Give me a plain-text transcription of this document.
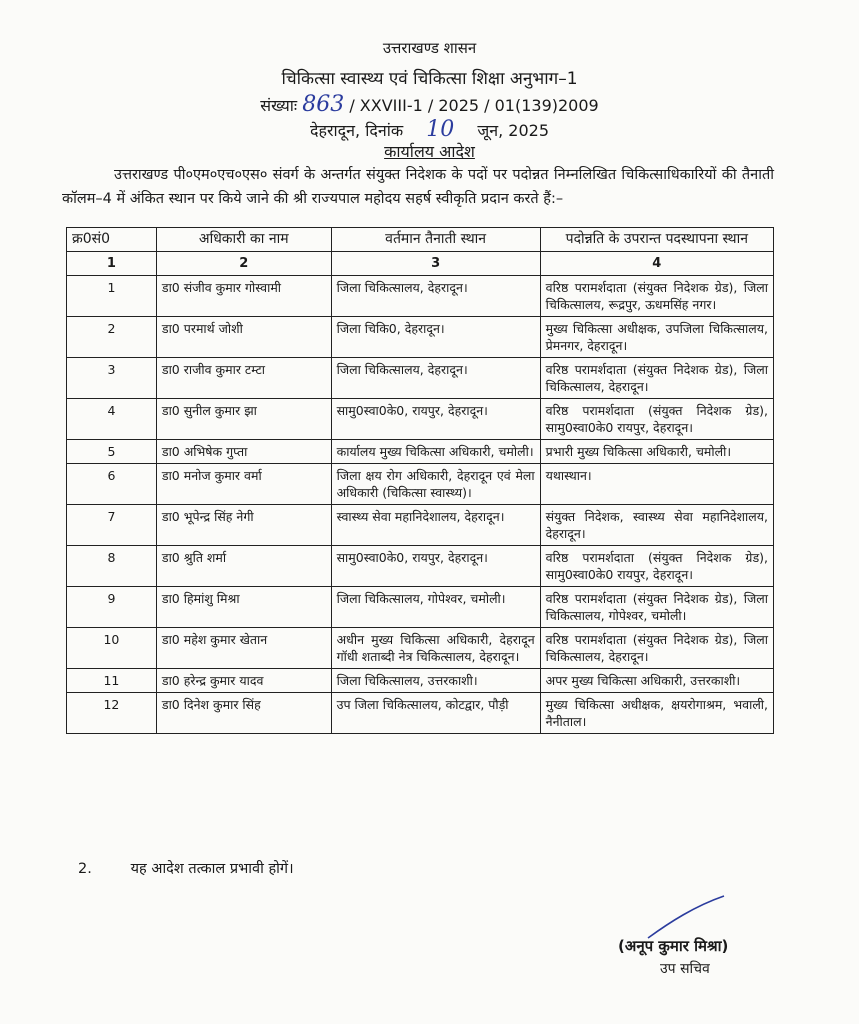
उत्तराखण्ड शासन
चिकित्सा स्वास्थ्य एवं चिकित्सा शिक्षा अनुभाग–1
संख्याः 863 / XXVIII-1 / 2025 / 01(139)2009
देहरादून, दिनांक 10 जून, 2025
कार्यालय आदेश
उत्तराखण्ड पी०एम०एच०एस० संवर्ग के अन्तर्गत संयुक्त निदेशक के पदों पर पदोन्नत निम्नलिखित चिकित्साधिकारियों की तैनाती कॉलम–4 में अंकित स्थान पर किये जाने की श्री राज्यपाल महोदय सहर्ष स्वीकृति प्रदान करते हैं:–
क्र0सं0	अधिकारी का नाम	वर्तमान तैनाती स्थान	पदोन्नति के उपरान्त पदस्थापना स्थान
1	2	3	4
1	डा0 संजीव कुमार गोस्वामी	जिला चिकित्सालय, देहरादून।	वरिष्ठ परामर्शदाता (संयुक्त निदेशक ग्रेड), जिला चिकित्सालय, रूद्रपुर, ऊधमसिंह नगर।
2	डा0 परमार्थ जोशी	जिला चिकि0, देहरादून।	मुख्य चिकित्सा अधीक्षक, उपजिला चिकित्सालय, प्रेमनगर, देहरादून।
3	डा0 राजीव कुमार टम्टा	जिला चिकित्सालय, देहरादून।	वरिष्ठ परामर्शदाता (संयुक्त निदेशक ग्रेड), जिला चिकित्सालय, देहरादून।
4	डा0 सुनील कुमार झा	सामु0स्वा0के0, रायपुर, देहरादून।	वरिष्ठ परामर्शदाता (संयुक्त निदेशक ग्रेड), सामु0स्वा0के0 रायपुर, देहरादून।
5	डा0 अभिषेक गुप्ता	कार्यालय मुख्य चिकित्सा अधिकारी, चमोली।	प्रभारी मुख्य चिकित्सा अधिकारी, चमोली।
6	डा0 मनोज कुमार वर्मा	जिला क्षय रोग अधिकारी, देहरादून एवं मेला अधिकारी (चिकित्सा स्वास्थ्य)।	यथास्थान।
7	डा0 भूपेन्द्र सिंह नेगी	स्वास्थ्य सेवा महानिदेशालय, देहरादून।	संयुक्त निदेशक, स्वास्थ्य सेवा महानिदेशालय, देहरादून।
8	डा0 श्रुति शर्मा	सामु0स्वा0के0, रायपुर, देहरादून।	वरिष्ठ परामर्शदाता (संयुक्त निदेशक ग्रेड), सामु0स्वा0के0 रायपुर, देहरादून।
9	डा0 हिमांशु मिश्रा	जिला चिकित्सालय, गोपेश्वर, चमोली।	वरिष्ठ परामर्शदाता (संयुक्त निदेशक ग्रेड), जिला चिकित्सालय, गोपेश्वर, चमोली।
10	डा0 महेश कुमार खेतान	अधीन मुख्य चिकित्सा अधिकारी, देहरादून गॉधी शताब्दी नेत्र चिकित्सालय, देहरादून।	वरिष्ठ परामर्शदाता (संयुक्त निदेशक ग्रेड), जिला चिकित्सालय, देहरादून।
11	डा0 हरेन्द्र कुमार यादव	जिला चिकित्सालय, उत्तरकाशी।	अपर मुख्य चिकित्सा अधिकारी, उत्तरकाशी।
12	डा0 दिनेश कुमार सिंह	उप जिला चिकित्सालय, कोटद्वार, पौड़ी	मुख्य चिकित्सा अधीक्षक, क्षयरोगाश्रम, भवाली, नैनीताल।
2.	यह आदेश तत्काल प्रभावी होगें।
(अनूप कुमार मिश्रा)
उप सचिव
